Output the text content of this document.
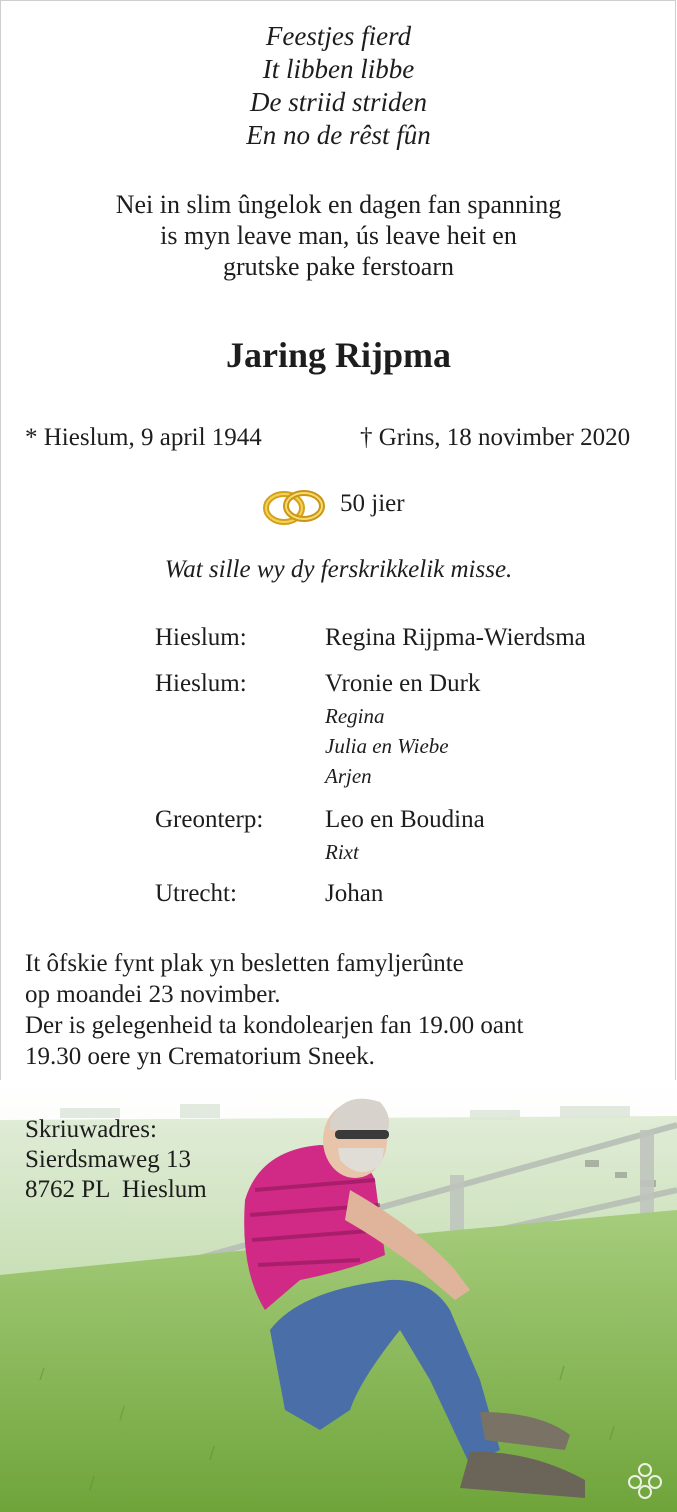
Feestjes fierd
It libben libbe
De striid striden
En no de rêst fûn
Nei in slim ûngelok en dagen fan spanning
is myn leave man, ús leave heit en
grutske pake ferstoarn
Jaring Rijpma
* Hieslum, 9 april 1944	† Grins, 18 novimber 2020
50 jier
Wat sille wy dy ferskrikkelik misse.
Hieslum:	Regina Rijpma-Wierdsma
Hieslum:	Vronie en Durk
Regina
Julia en Wiebe
Arjen
Greonterp: Leo en Boudina
Rixt
Utrecht:	Johan
It ôfskie fynt plak yn besletten famyljerûnte
op moandei 23 novimber.
Der is gelegenheid ta kondolearjen fan 19.00 oant
19.30 oere yn Crematorium Sneek.
Skriuwadres:
Sierdsmaweg 13
8762 PL  Hieslum
